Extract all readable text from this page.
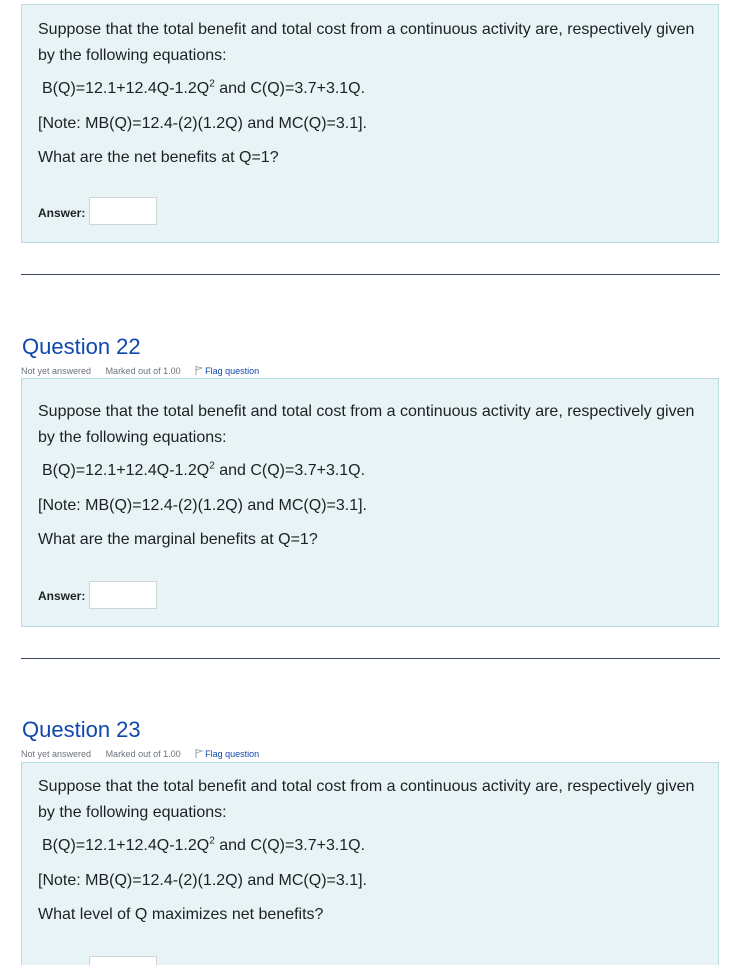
Suppose that the total benefit and total cost from a continuous activity are, respectively given by the following equations:

$B(Q)=12.1+12.4Q-1.2Q^2$ and C(Q)=3.7+3.1Q.

[Note: MB(Q)=12.4-(2)(1.2Q) and MC(Q)=3.1].

What are the net benefits at Q=1?

Answer:
Question 22
Not yet answered Marked out of 1.00	Flag question

Suppose that the total benefit and total cost from a continuous activity are, respectively given by the following equations:

$B(Q)=12.1+12.4Q-1.2Q^2$ and C(Q)=3.7+3.1Q.

[Note: MB(Q)=12.4-(2)(1.2Q) and MC(Q)=3.1].

What are the marginal benefits at Q=1?

Answer:
Question 23
Not yet answered Marked out of 1.00	Flag question

Suppose that the total benefit and total cost from a continuous activity are, respectively given by the following equations:

$B(Q)=12.1+12.4Q-1.2Q^2$ and C(Q)=3.7+3.1Q.

[Note: MB(Q)=12.4-(2)(1.2Q) and MC(Q)=3.1].

What level of Q maximizes net benefits?
